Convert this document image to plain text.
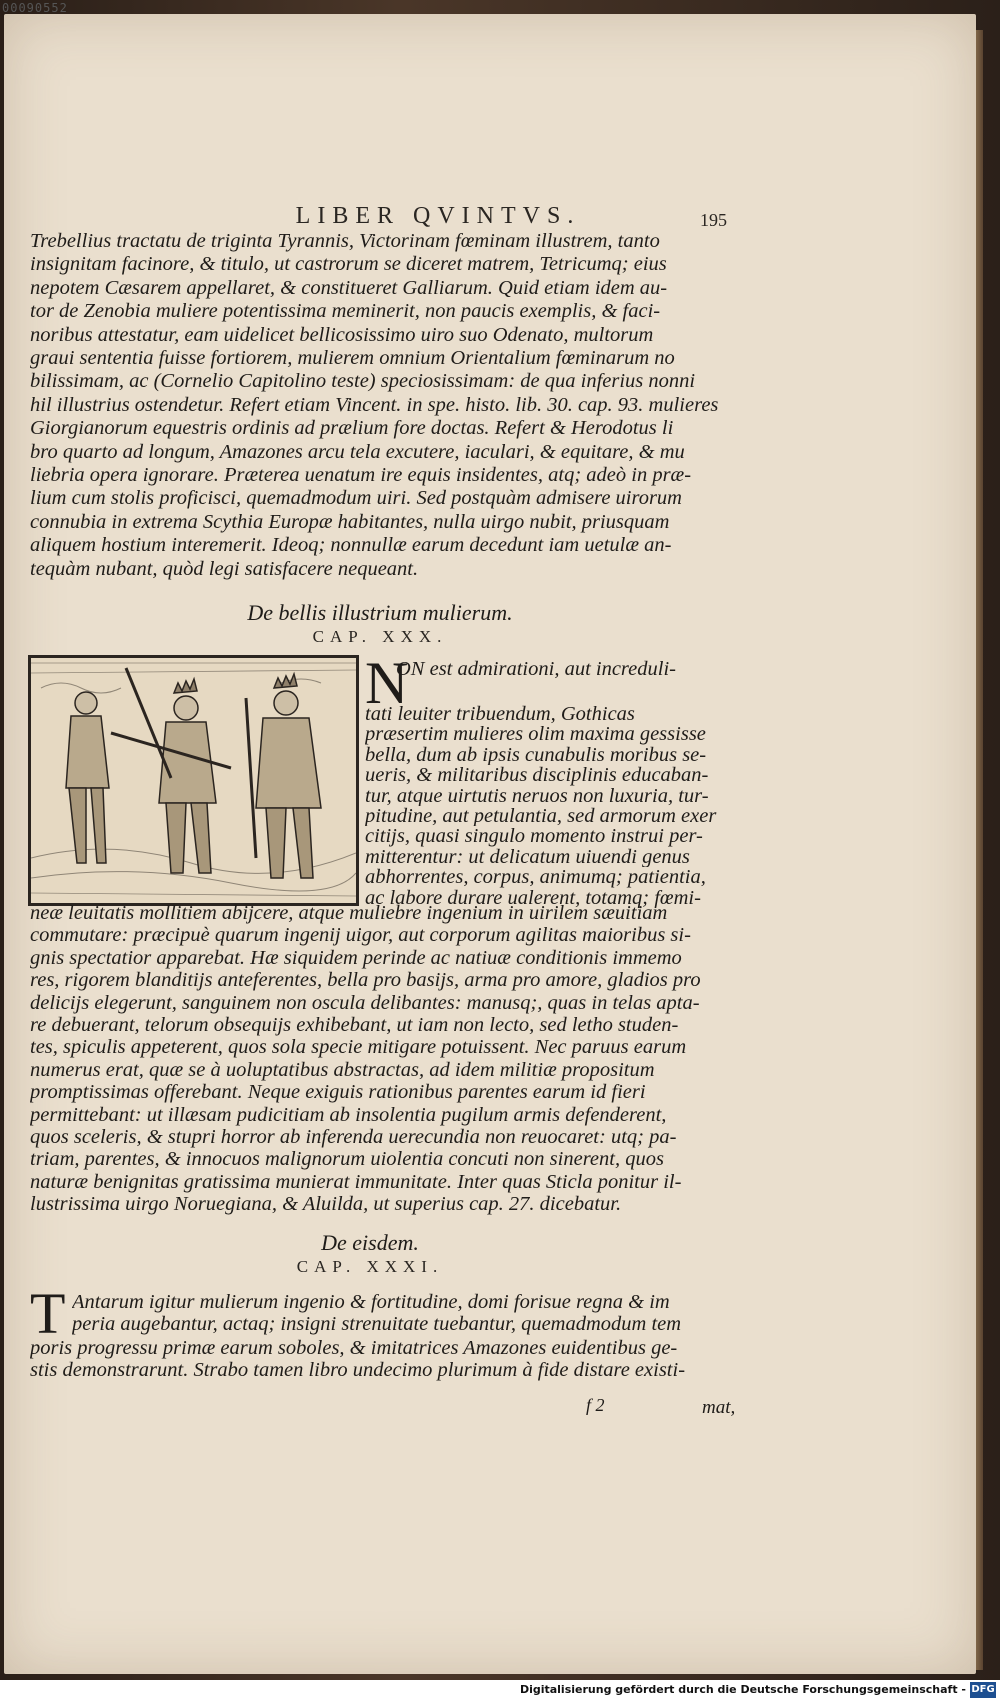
00090552
LIBER QVINTVS.	195
Trebellius tractatu de triginta Tyrannis, Victorinam fœminam illustrem, tanto
insignitam facinore, & titulo, ut castrorum se diceret matrem, Tetricumq; eius
nepotem Cæsarem appellaret, & constitueret Galliarum. Quid etiam idem au-
tor de Zenobia muliere potentissima meminerit, non paucis exemplis, & faci-
noribus attestatur, eam uidelicet bellicosissimo uiro suo Odenato, multorum
graui sententia fuisse fortiorem, mulierem omnium Orientalium fœminarum no
bilissimam, ac (Cornelio Capitolino teste) speciosissimam: de qua inferius nonni
hil illustrius ostendetur. Refert etiam Vincent. in spe. histo. lib. 30. cap. 93. mulieres
Giorgianorum equestris ordinis ad prælium fore doctas. Refert & Herodotus li
bro quarto ad longum, Amazones arcu tela excutere, iaculari, & equitare, & mu
liebria opera ignorare. Præterea uenatum ire equis insidentes, atq; adeò in præ-
lium cum stolis proficisci, quemadmodum uiri. Sed postquàm admisere uirorum
connubia in extrema Scythia Europæ habitantes, nulla uirgo nubit, priusquam
aliquem hostium interemerit. Ideoq; nonnullæ earum decedunt iam uetulæ an-
tequàm nubant, quòd legi satisfacere nequeant.
De bellis illustrium mulierum.
CAP. XXX.
N
ON est admirationi, aut increduli-
tati leuiter tribuendum, Gothicas
præsertim mulieres olim maxima gessisse
bella, dum ab ipsis cunabulis moribus se-
ueris, & militaribus disciplinis educaban-
tur, atque uirtutis neruos non luxuria, tur-
pitudine, aut petulantia, sed armorum exer
citijs, quasi singulo momento instrui per-
mitterentur: ut delicatum uiuendi genus
abhorrentes, corpus, animumq; patientia,
ac labore durare ualerent, totamq; fœmi-
neæ leuitatis mollitiem abijcere, atque muliebre ingenium in uirilem sæuitiam
commutare: præcipuè quarum ingenij uigor, aut corporum agilitas maioribus si-
gnis spectatior apparebat. Hæ siquidem perinde ac natiuæ conditionis immemo
res, rigorem blanditijs anteferentes, bella pro basijs, arma pro amore, gladios pro
delicijs elegerunt, sanguinem non oscula delibantes: manusq;, quas in telas apta-
re debuerant, telorum obsequijs exhibebant, ut iam non lecto, sed letho studen-
tes, spiculis appeterent, quos sola specie mitigare potuissent. Nec paruus earum
numerus erat, quæ se à uoluptatibus abstractas, ad idem militiæ propositum
promptissimas offerebant. Neque exiguis rationibus parentes earum id fieri
permittebant: ut illæsam pudicitiam ab insolentia pugilum armis defenderent,
quos sceleris, & stupri horror ab inferenda uerecundia non reuocaret: utq; pa-
triam, parentes, & innocuos malignorum uiolentia concuti non sinerent, quos
naturæ benignitas gratissima munierat immunitate. Inter quas Sticla ponitur il-
lustrissima uirgo Noruegiana, & Aluilda, ut superius cap. 27. dicebatur.
De eisdem.
CAP. XXXI.
T Antarum igitur mulierum ingenio & fortitudine, domi forisue regna & im
peria augebantur, actaq; insigni strenuitate tuebantur, quemadmodum tem
poris progressu primæ earum soboles, & imitatrices Amazones euidentibus ge-
stis demonstrarunt. Strabo tamen libro undecimo plurimum à fide distare existi-
f 2	mat,
Digitalisierung gefördert durch die Deutsche Forschungsgemeinschaft - DFG
